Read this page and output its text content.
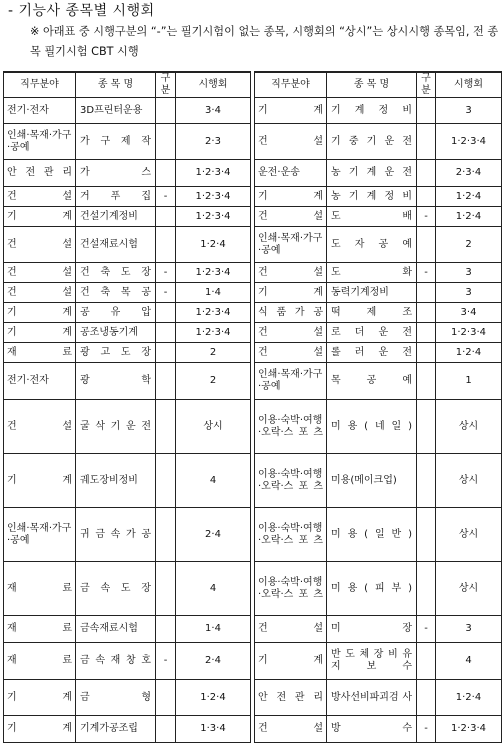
- 기능사 종목별 시행회
※ 아래표 중 시행구분의 “-”는 필기시험이 없는 종목, 시행회의 “상시”는 상시시행 종목임, 전 종목 필기시험 CBT 시행
직무분야	종 목 명	구분	시행회
전기·전자	3D프린터운용		3·4
인쇄·목재·가구·공예	가 구 제 작		2·3
안 전 관 리	가 스		1·2·3·4
건 설	거 푸 집	-	1·2·3·4
기 계	건설기계정비		1·2·3·4
건 설	건설재료시험		1·2·4
건 설	건 축 도 장	-	1·2·3·4
건 설	건 축 목 공	-	1·4
기 계	공 유 압		1·2·3·4
기 계	공조냉동기계		1·2·3·4
재 료	광 고 도 장		2
전기·전자	광 학		2
건 설	굴 삭 기 운 전		상시
기 계	궤도장비정비		4
인쇄·목재·가구·공예	귀 금 속 가 공		2·4
재 료	금 속 도 장		4
재 료	금속재료시험		1·4
재 료	금 속 재 창 호	-	2·4
기 계	금 형		1·2·4
기 계	기계가공조립		1·3·4
직무분야	종 목 명	구분	시행회
기 계	기 계 정 비		3
건 설	기 중 기 운 전		1·2·3·4
운전·운송	농 기 계 운 전		2·3·4
기 계	농 기 계 정 비		1·2·4
건 설	도 배	-	1·2·4
인쇄·목재·가구·공예	도 자 공 예		2
건 설	도 화	-	3
기 계	동력기계정비		3
식 품 가 공	떡 제 조		3·4
건 설	로 더 운 전		1·2·3·4
건 설	롤 러 운 전		1·2·4
인쇄·목재·가구·공예	목 공 예		1
이용·숙박·여행·오락·스 포 츠	미 용 ( 네 일 )		상시
이용·숙박·여행·오락·스 포 츠	미용(메이크업)		상시
이용·숙박·여행·오락·스 포 츠	미 용 ( 일 반 )		상시
이용·숙박·여행·오락·스 포 츠	미 용 ( 피 부 )		상시
건 설	미 장	-	3
기 계	반 도 체 장 비 유 지 보 수		4
안 전 관 리	방사선비파괴검 사		1·2·4
건 설	방 수	-	1·2·3·4
